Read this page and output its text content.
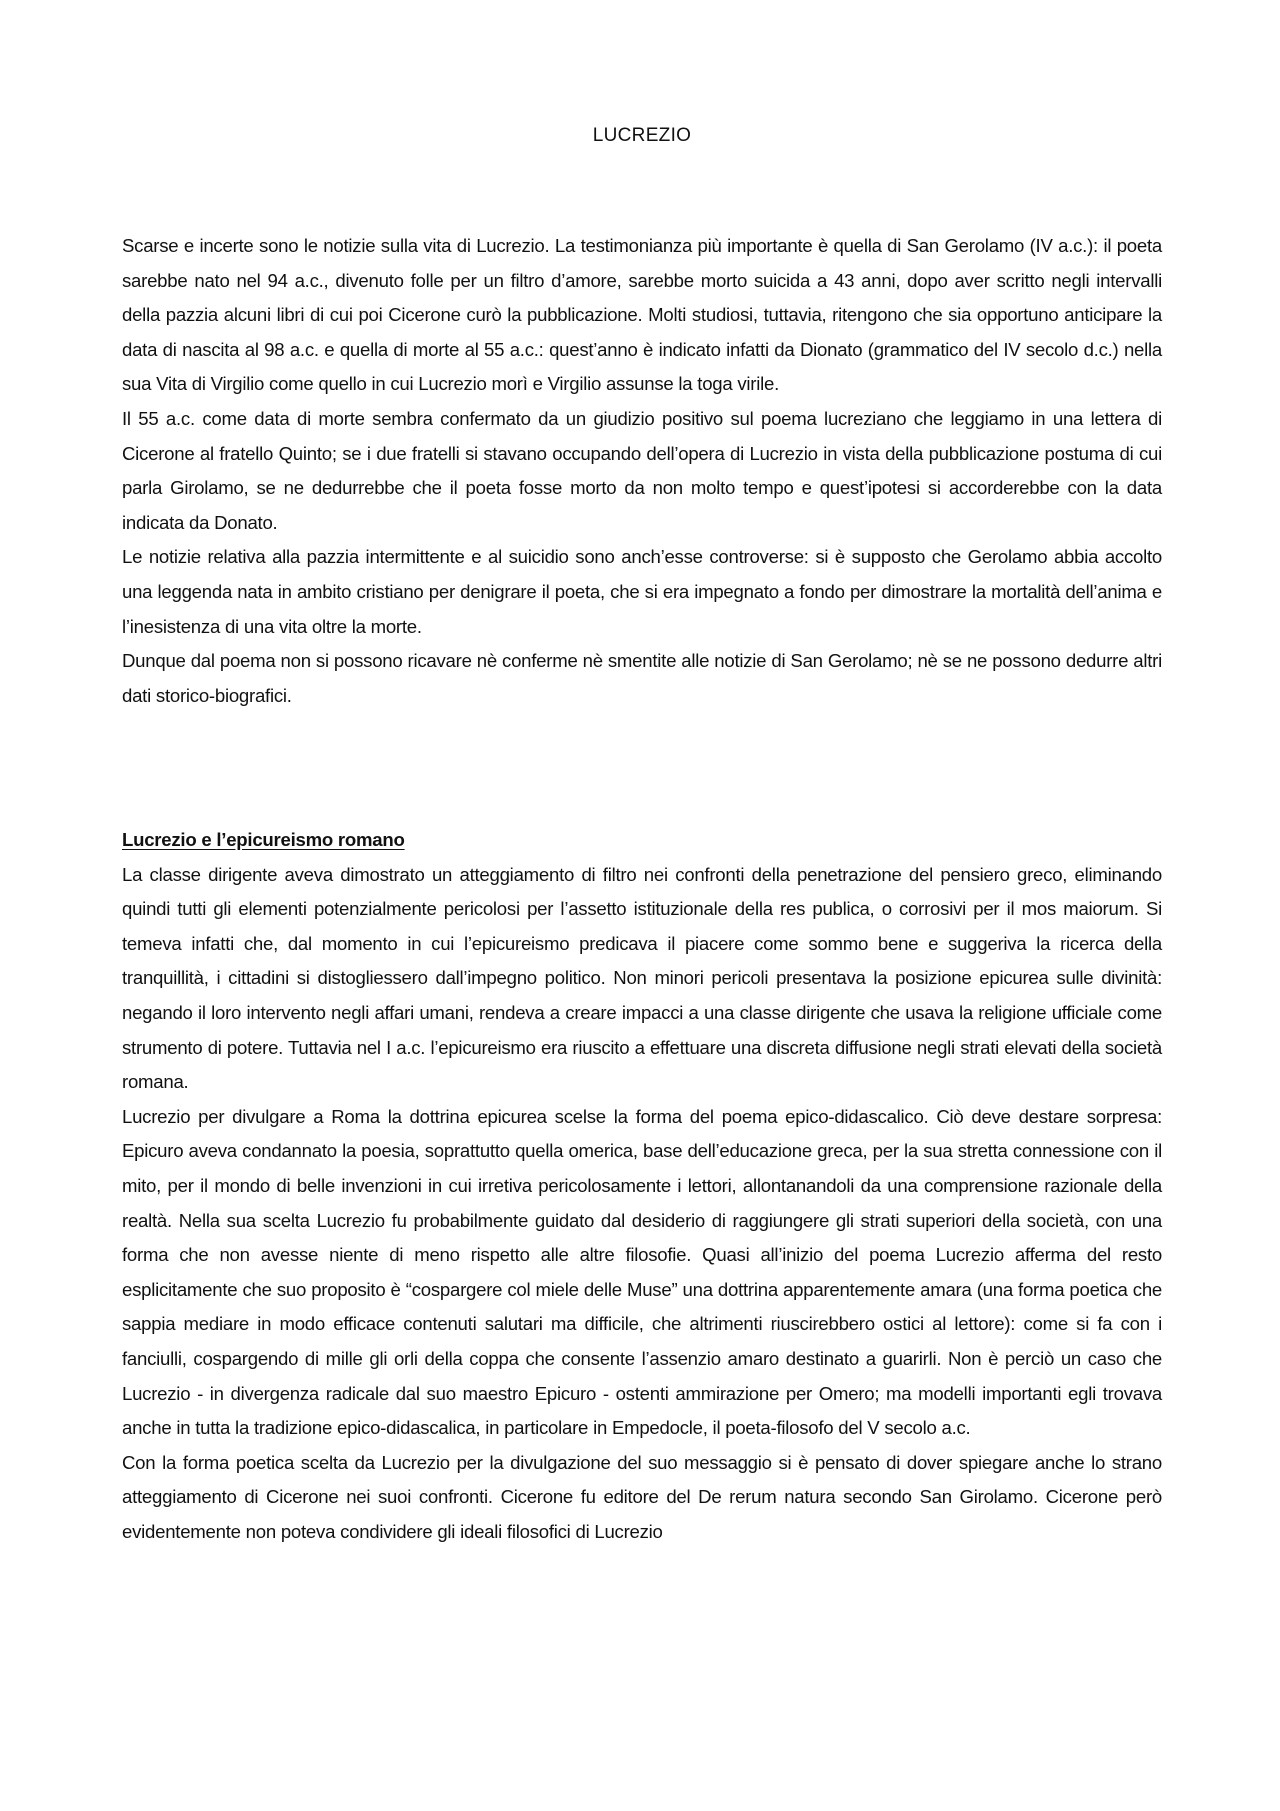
LUCREZIO

Scarse e incerte sono le notizie sulla vita di Lucrezio. La testimonianza più importante è quella di San Gerolamo (IV a.c.): il poeta sarebbe nato nel 94 a.c., divenuto folle per un filtro d’amore, sarebbe morto suicida a 43 anni, dopo aver scritto negli intervalli della pazzia alcuni libri di cui poi Cicerone curò la pubblicazione. Molti studiosi, tuttavia, ritengono che sia opportuno anticipare la data di nascita al 98 a.c. e quella di morte al 55 a.c.: quest’anno è indicato infatti da Dionato (grammatico del IV secolo d.c.) nella sua Vita di Virgilio come quello in cui Lucrezio morì e Virgilio assunse la toga virile.

Il 55 a.c. come data di morte sembra confermato da un giudizio positivo sul poema lucreziano che leggiamo in una lettera di Cicerone al fratello Quinto; se i due fratelli si stavano occupando dell’opera di Lucrezio in vista della pubblicazione postuma di cui parla Girolamo, se ne dedurrebbe che il poeta fosse morto da non molto tempo e quest’ipotesi si accorderebbe con la data indicata da Donato.

Le notizie relativa alla pazzia intermittente e al suicidio sono anch’esse controverse: si è supposto che Gerolamo abbia accolto una leggenda nata in ambito cristiano per denigrare il poeta, che si era impegnato a fondo per dimostrare la mortalità dell’anima e l’inesistenza di una vita oltre la morte.

Dunque dal poema non si possono ricavare nè conferme nè smentite alle notizie di San Gerolamo; nè se ne possono dedurre altri dati storico-biografici.

Lucrezio e l’epicureismo romano

La classe dirigente aveva dimostrato un atteggiamento di filtro nei confronti della penetrazione del pensiero greco, eliminando quindi tutti gli elementi potenzialmente pericolosi per l’assetto istituzionale della res publica, o corrosivi per il mos maiorum. Si temeva infatti che, dal momento in cui l’epicureismo predicava il piacere come sommo bene e suggeriva la ricerca della tranquillità, i cittadini si distogliessero dall’impegno politico. Non minori pericoli presentava la posizione epicurea sulle divinità: negando il loro intervento negli affari umani, rendeva a creare impacci a una classe dirigente che usava la religione ufficiale come strumento di potere. Tuttavia nel I a.c. l’epicureismo era riuscito a effettuare una discreta diffusione negli strati elevati della società romana.

Lucrezio per divulgare a Roma la dottrina epicurea scelse la forma del poema epico-didascalico. Ciò deve destare sorpresa: Epicuro aveva condannato la poesia, soprattutto quella omerica, base dell’educazione greca, per la sua stretta connessione con il mito, per il mondo di belle invenzioni in cui irretiva pericolosamente i lettori, allontanandoli da una comprensione razionale della realtà. Nella sua scelta Lucrezio fu probabilmente guidato dal desiderio di raggiungere gli strati superiori della società, con una forma che non avesse niente di meno rispetto alle altre filosofie. Quasi all’inizio del poema Lucrezio afferma del resto esplicitamente che suo proposito è “cospargere col miele delle Muse” una dottrina apparentemente amara (una forma poetica che sappia mediare in modo efficace contenuti salutari ma difficile, che altrimenti riuscirebbero ostici al lettore): come si fa con i fanciulli, cospargendo di mille gli orli della coppa che consente l’assenzio amaro destinato a guarirli. Non è perciò un caso che Lucrezio - in divergenza radicale dal suo maestro Epicuro - ostenti ammirazione per Omero; ma modelli importanti egli trovava anche in tutta la tradizione epico-didascalica, in particolare in Empedocle, il poeta-filosofo del V secolo a.c.

Con la forma poetica scelta da Lucrezio per la divulgazione del suo messaggio si è pensato di dover spiegare anche lo strano atteggiamento di Cicerone nei suoi confronti. Cicerone fu editore del De rerum natura secondo San Girolamo. Cicerone però evidentemente non poteva condividere gli ideali filosofici di Lucrezio
